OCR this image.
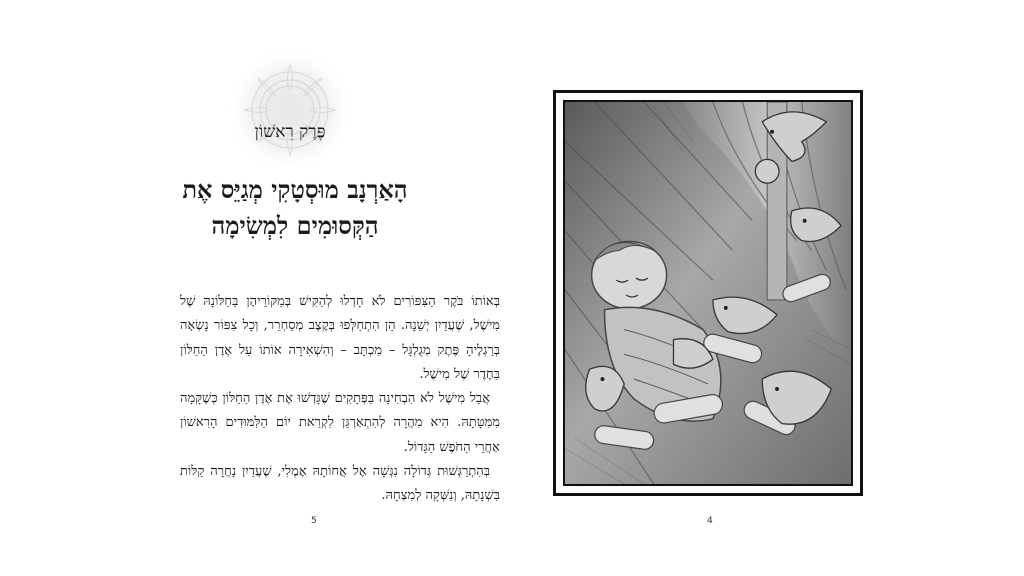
פֶּרֶק רִאשׁוֹן
הָאַרְנָב מוּסְטָקִי מְגַיֵּס אֶת
הַקְּסוּמִים לִמְשִׂימָה

בְּאוֹתוֹ בֹּקֶר הַצִּפּוֹרִים לֹא חָדְלוּ לְהַקִּישׁ בְּמַקּוֹרֵיהֶן בַּחַלּוֹנָהּ שֶׁל מִישֶׁל, שֶׁעֲדַיִן יְשֵׁנָה. הֵן הִתְחַלְּפוּ בְּקֶצֶב מְסַחְרֵר, וְכָל צִפּוֹר נָשְׂאָה בְּרַגְלֶיהָ פֶּתֶק מְגֻלְגָּל – מִכְתָּב – וְהִשְׁאִירָה אוֹתוֹ עַל אֶדֶן הַחַלּוֹן בַּחֶדֶר שֶׁל מִישֶׁל.

אֲבָל מִישֶׁל לֹא הִבְחִינָה בַּפְּתָקִים שֶׁגָּדְשׁוּ אֶת אֶדֶן הַחַלּוֹן כְּשֶׁקָּמָה מִמִּטָּתָהּ. הִיא מִהֲרָה לְהִתְאַרְגֵּן לִקְרַאת יוֹם הַלִּמּוּדִים הָרִאשׁוֹן אַחֲרֵי הַחֹפֶשׁ הַגָּדוֹל.

בְּהִתְרַגְּשׁוּת גְּדוֹלָה נִגְּשָׁה אֶל אֲחוֹתָהּ אֶמֶלִי, שֶׁעֲדַיִן נָחֲרָה קַלּוֹת בִּשְׁנָתָהּ, וְנִשְּׁקָה לְמִצְחָהּ.

5	4
